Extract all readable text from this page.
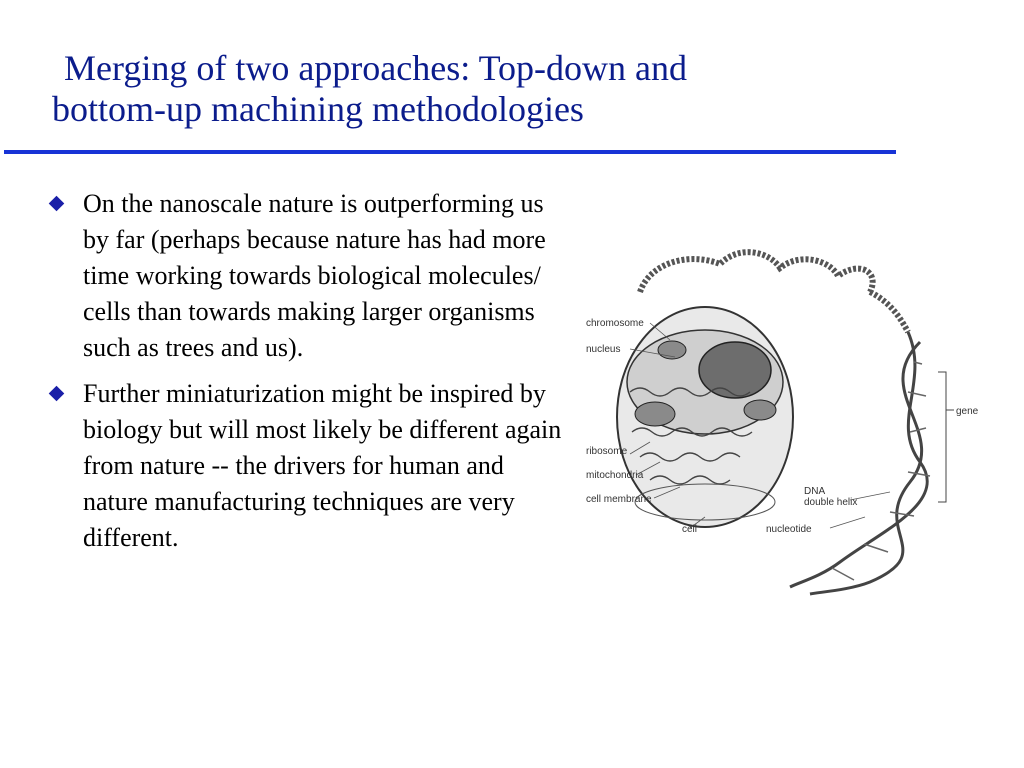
Merging of two approaches: Top-down and
bottom-up machining methodologies
On the nanoscale nature is outperforming us by far (perhaps because nature has had more time working towards biological molecules/ cells than towards making larger organisms such as trees and us).
Further miniaturization might be inspired by biology but will most likely be different again from nature -- the drivers for human and nature manufacturing techniques are very different.
chromosome
nucleus
ribosome
mitochondria
cell membrane
cell
DNA
double helix
nucleotide
gene
